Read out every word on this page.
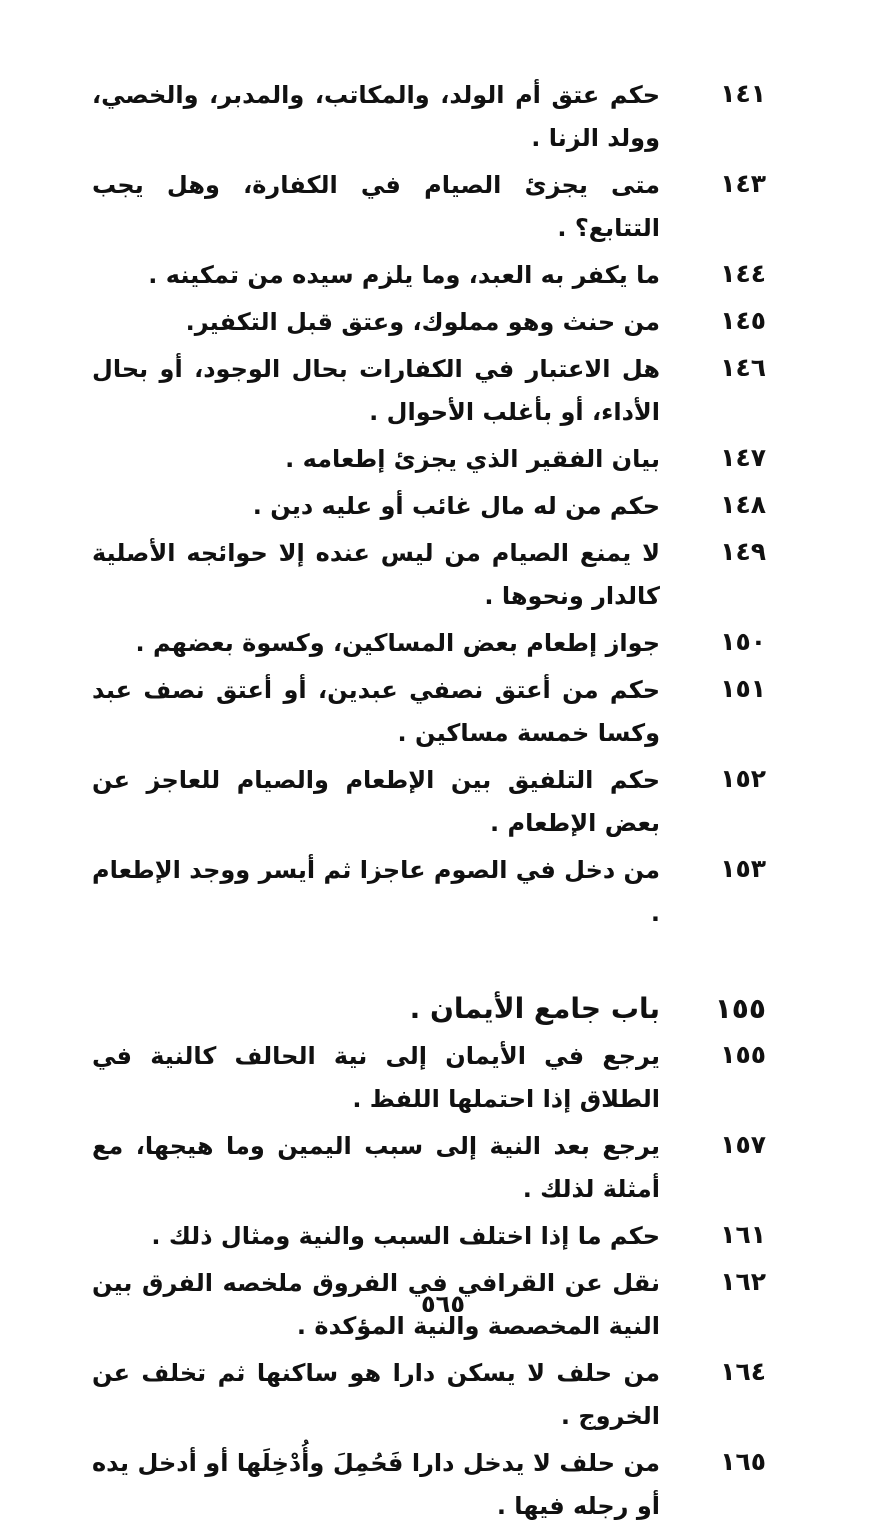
١٤١
حكم عتق أم الولد، والمكاتب، والمدبر، والخصي، وولد الزنا .
١٤٣
متى يجزئ الصيام في الكفارة، وهل يجب التتابع؟ .
١٤٤
ما يكفر به العبد، وما يلزم سيده من تمكينه .
١٤٥
من حنث وهو مملوك، وعتق قبل التكفير.
١٤٦
هل الاعتبار في الكفارات بحال الوجود، أو بحال الأداء، أو بأغلب الأحوال .
١٤٧
بيان الفقير الذي يجزئ إطعامه .
١٤٨
حكم من له مال غائب أو عليه دين .
١٤٩
لا يمنع الصيام من ليس عنده إلا حوائجه الأصلية كالدار ونحوها .
١٥٠
جواز إطعام بعض المساكين، وكسوة بعضهم .
١٥١
حكم من أعتق نصفي عبدين، أو أعتق نصف عبد وكسا خمسة مساكين .
١٥٢
حكم التلفيق بين الإطعام والصيام للعاجز عن بعض الإطعام .
١٥٣
من دخل في الصوم عاجزا ثم أيسر ووجد الإطعام .
١٥٥
باب جامع الأيمان .
١٥٥
يرجع في الأيمان إلى نية الحالف كالنية في الطلاق إذا احتملها اللفظ .
١٥٧
يرجع بعد النية إلى سبب اليمين وما هيجها، مع أمثلة لذلك .
١٦١
حكم ما إذا اختلف السبب والنية ومثال ذلك .
١٦٢
نقل عن القرافي في الفروق ملخصه الفرق بين النية المخصصة والنية المؤكدة .
١٦٤
من حلف لا يسكن دارا هو ساكنها ثم تخلف عن الخروج .
١٦٥
من حلف لا يدخل دارا فَحُمِلَ وأُدْخِلَها أو أدخل يده أو رجله فيها .
٥٦٥
